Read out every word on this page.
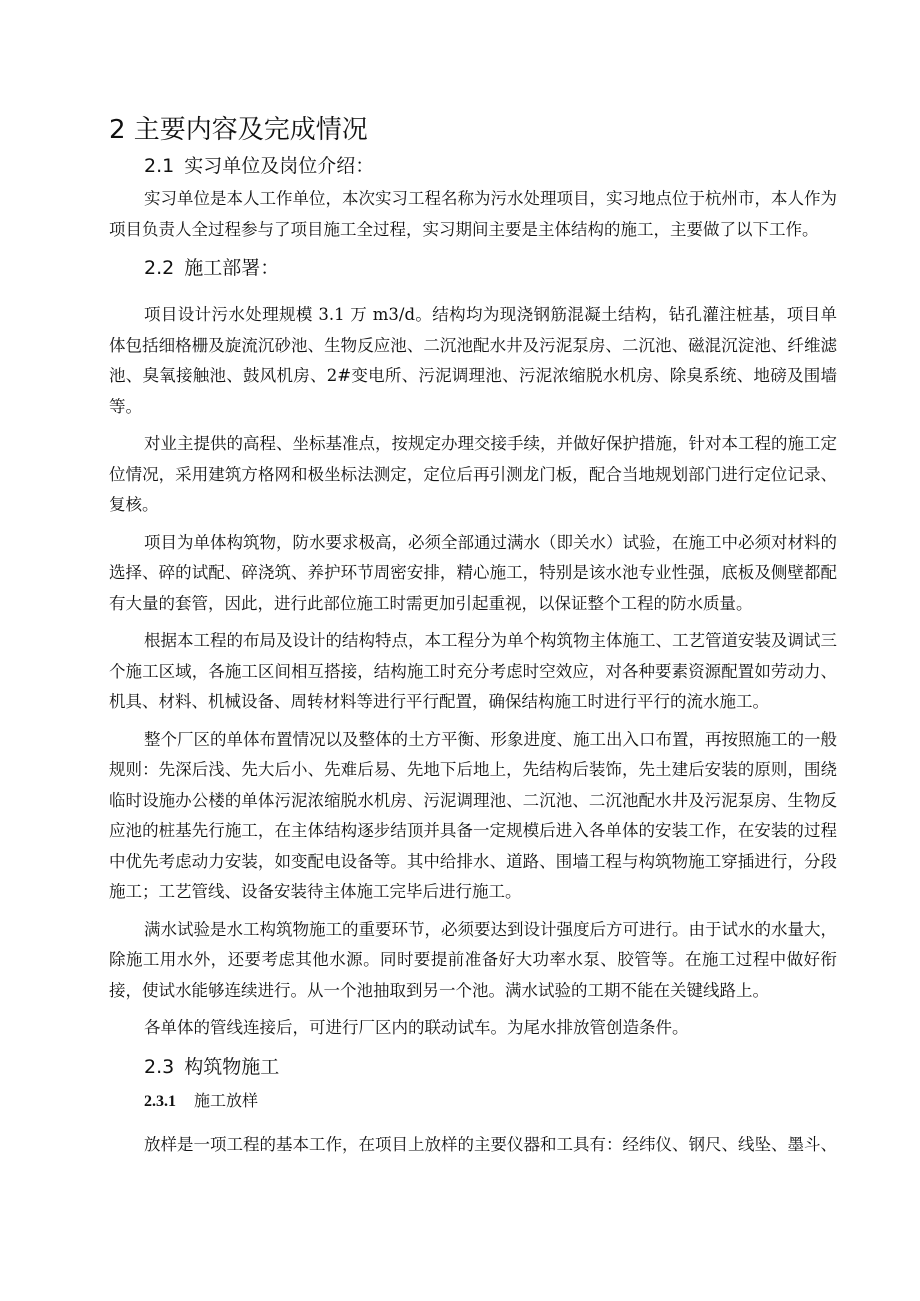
2 主要内容及完成情况
2.1 实习单位及岗位介绍：

实习单位是本人工作单位，本次实习工程名称为污水处理项目，实习地点位于杭州市，本人作为项目负责人全过程参与了项目施工全过程，实习期间主要是主体结构的施工，主要做了以下工作。

2.2 施工部署：

项目设计污水处理规模 3.1 万 m3/d。结构均为现浇钢筋混凝土结构，钻孔灌注桩基，项目单体包括细格栅及旋流沉砂池、生物反应池、二沉池配水井及污泥泵房、二沉池、磁混沉淀池、纤维滤池、臭氧接触池、鼓风机房、2#变电所、污泥调理池、污泥浓缩脱水机房、除臭系统、地磅及围墙等。

对业主提供的高程、坐标基准点，按规定办理交接手续，并做好保护措施，针对本工程的施工定位情况，采用建筑方格网和极坐标法测定，定位后再引测龙门板，配合当地规划部门进行定位记录、复核。

项目为单体构筑物，防水要求极高，必须全部通过满水（即关水）试验，在施工中必须对材料的选择、碎的试配、碎浇筑、养护环节周密安排，精心施工，特别是该水池专业性强，底板及侧壁都配有大量的套管，因此，进行此部位施工时需更加引起重视，以保证整个工程的防水质量。

根据本工程的布局及设计的结构特点，本工程分为单个构筑物主体施工、工艺管道安装及调试三个施工区域，各施工区间相互搭接，结构施工时充分考虑时空效应，对各种要素资源配置如劳动力、机具、材料、机械设备、周转材料等进行平行配置，确保结构施工时进行平行的流水施工。

整个厂区的单体布置情况以及整体的土方平衡、形象进度、施工出入口布置，再按照施工的一般规则：先深后浅、先大后小、先难后易、先地下后地上，先结构后装饰，先土建后安装的原则，围绕临时设施办公楼的单体污泥浓缩脱水机房、污泥调理池、二沉池、二沉池配水井及污泥泵房、生物反应池的桩基先行施工，在主体结构逐步结顶并具备一定规模后进入各单体的安装工作，在安装的过程中优先考虑动力安装，如变配电设备等。其中给排水、道路、围墙工程与构筑物施工穿插进行，分段施工；工艺管线、设备安装待主体施工完毕后进行施工。

满水试验是水工构筑物施工的重要环节，必须要达到设计强度后方可进行。由于试水的水量大，除施工用水外，还要考虑其他水源。同时要提前准备好大功率水泵、胶管等。在施工过程中做好衔接，使试水能够连续进行。从一个池抽取到另一个池。满水试验的工期不能在关键线路上。

各单体的管线连接后，可进行厂区内的联动试车。为尾水排放管创造条件。

2.3 构筑物施工
2.3.1 施工放样

放样是一项工程的基本工作，在项目上放样的主要仪器和工具有：经纬仪、钢尺、线坠、墨斗、
